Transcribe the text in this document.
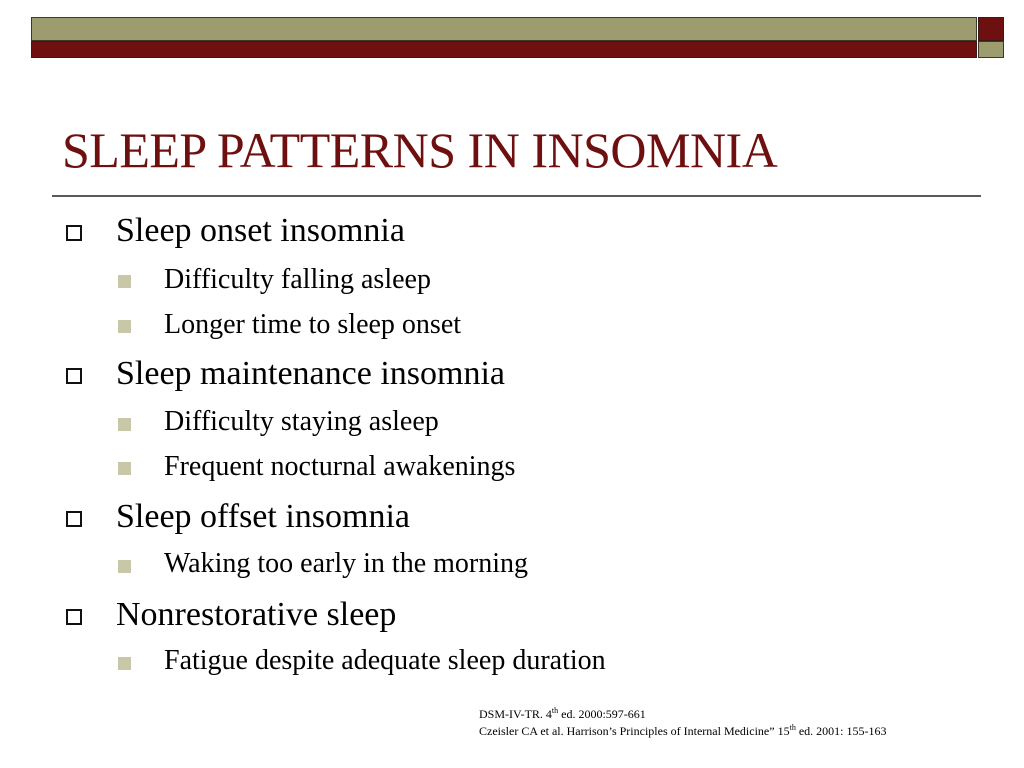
SLEEP PATTERNS IN INSOMNIA
Sleep onset insomnia
Difficulty falling asleep
Longer time to sleep onset
Sleep maintenance insomnia
Difficulty staying asleep
Frequent nocturnal awakenings
Sleep offset insomnia
Waking too early in the morning
Nonrestorative sleep
Fatigue despite adequate sleep duration
DSM-IV-TR. 4th ed. 2000:597-661
Czeisler CA et al. Harrison’s Principles of Internal Medicine” 15th ed. 2001: 155-163
